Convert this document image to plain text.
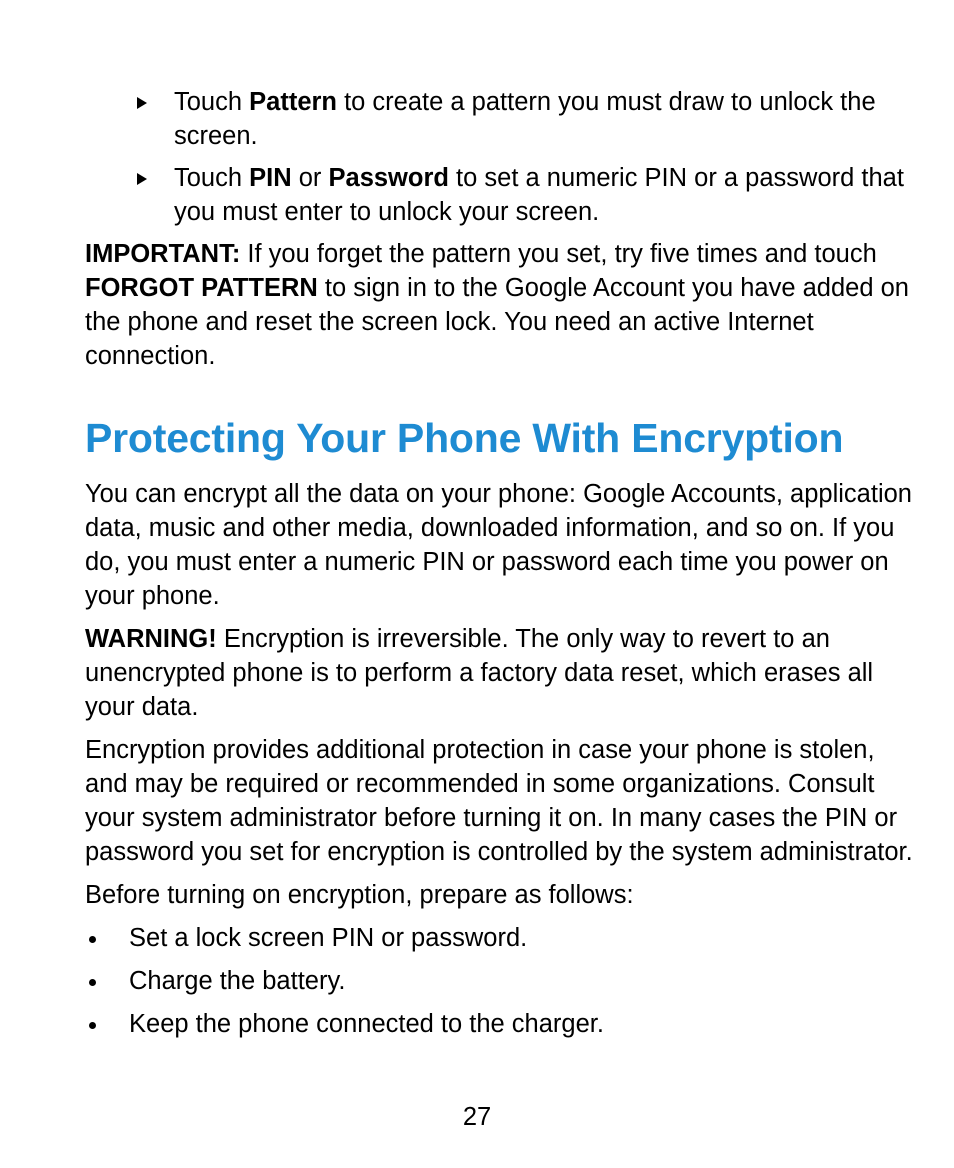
Touch Pattern to create a pattern you must draw to unlock the screen.
Touch PIN or Password to set a numeric PIN or a password that you must enter to unlock your screen.

IMPORTANT: If you forget the pattern you set, try five times and touch FORGOT PATTERN to sign in to the Google Account you have added on the phone and reset the screen lock. You need an active Internet connection.

Protecting Your Phone With Encryption

You can encrypt all the data on your phone: Google Accounts, application data, music and other media, downloaded information, and so on. If you do, you must enter a numeric PIN or password each time you power on your phone.

WARNING! Encryption is irreversible. The only way to revert to an unencrypted phone is to perform a factory data reset, which erases all your data.

Encryption provides additional protection in case your phone is stolen, and may be required or recommended in some organizations. Consult your system administrator before turning it on. In many cases the PIN or password you set for encryption is controlled by the system administrator.

Before turning on encryption, prepare as follows:

Set a lock screen PIN or password.
Charge the battery.
Keep the phone connected to the charger.
27
